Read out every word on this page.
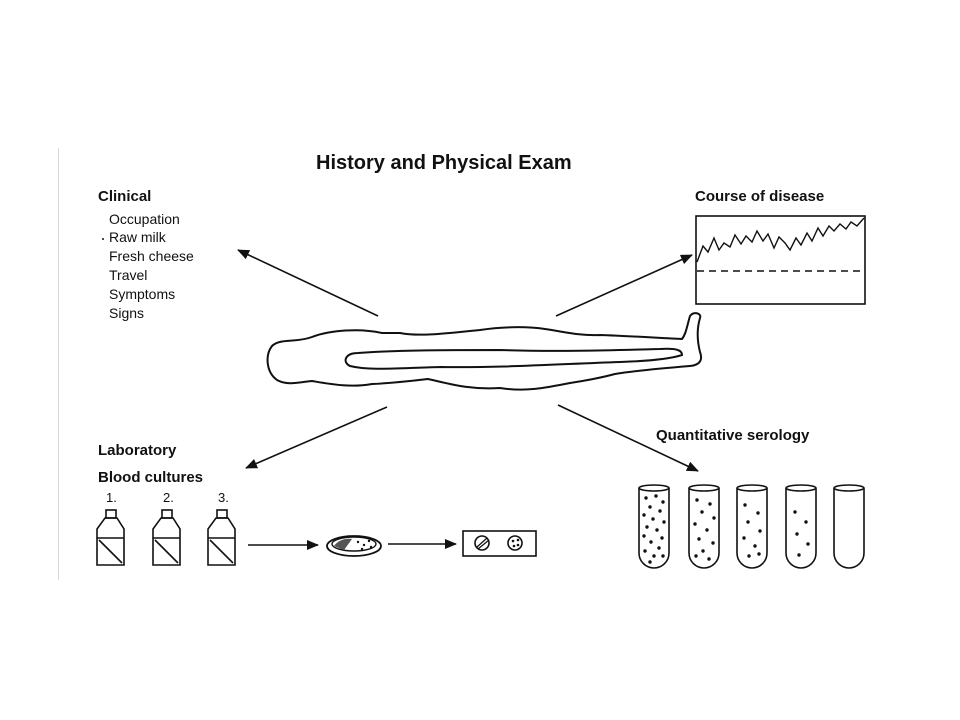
History and Physical Exam
Clinical
Occupation
Raw milk
Fresh cheese
Travel
Symptoms
Signs
Course of disease
Laboratory
Blood cultures
1.	2.	3.
Quantitative serology
